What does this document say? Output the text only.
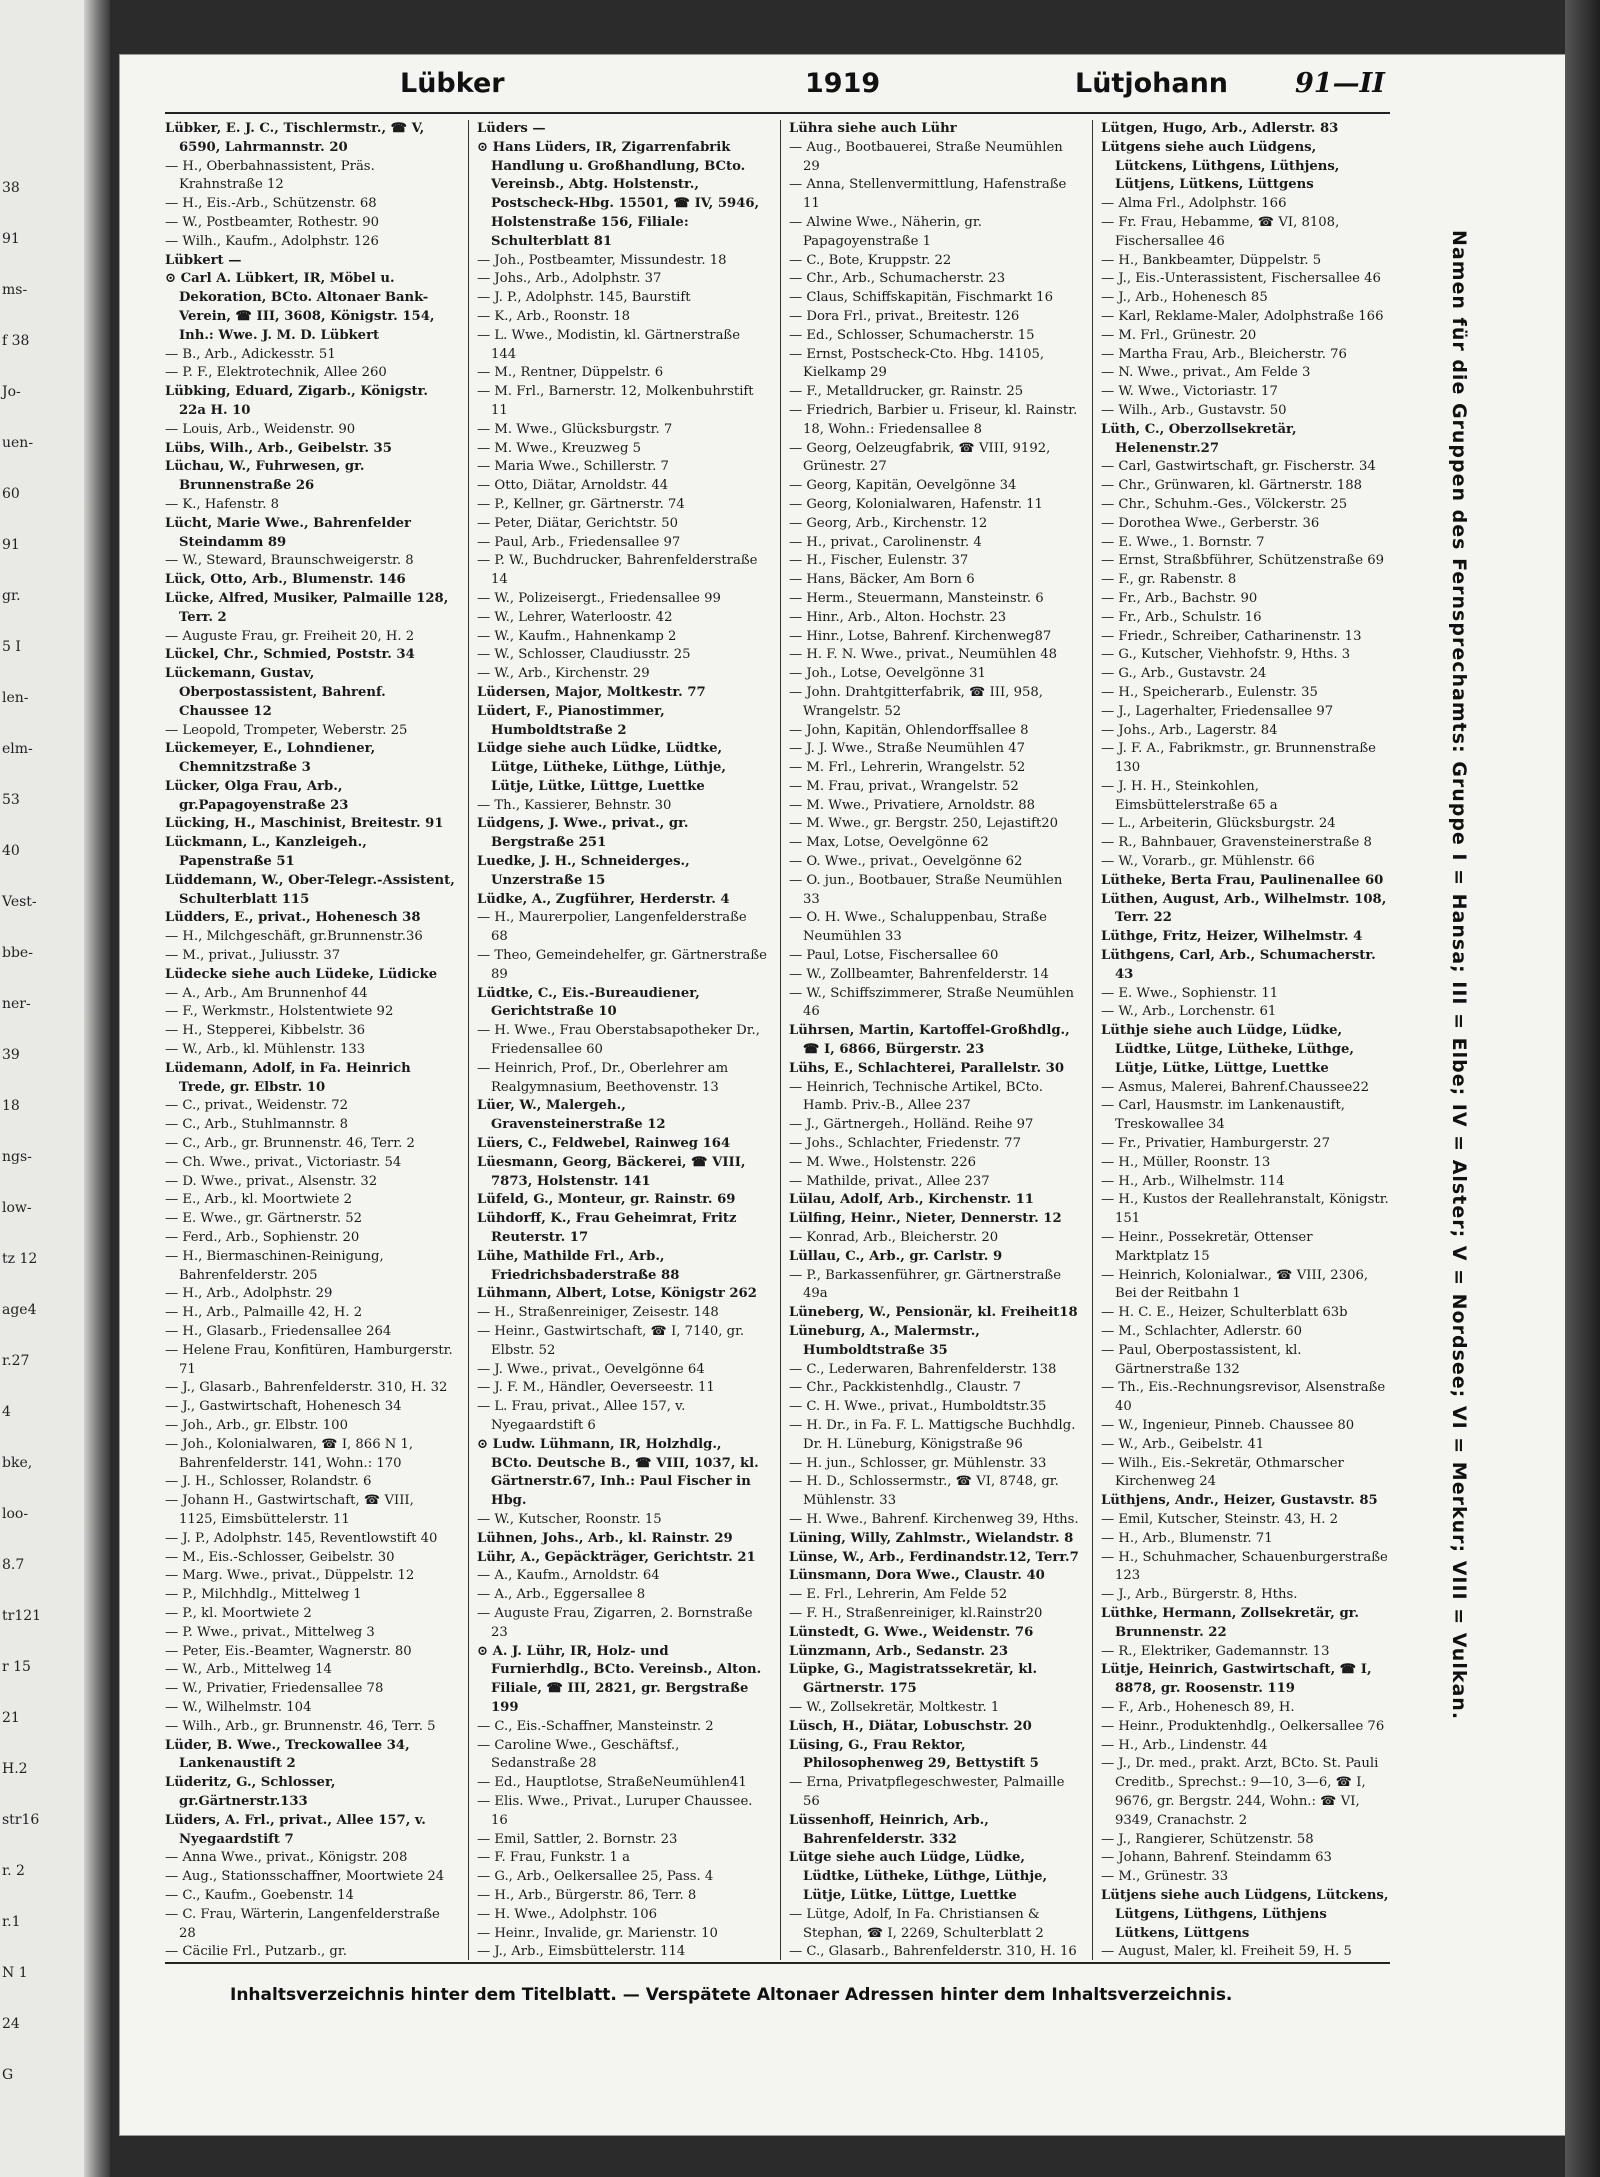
38
91
ms-
f 38
Jo-
uen-
60
91
gr.
5 I
len-
elm-
53
40
Vest-
bbe-
ner-
39
18
ngs-
low-
tz 12
age4
r.27
4
bke,
loo-
8.7
tr121
r 15
21
H.2
str16
r. 2
r.1
N 1
24
G
Lübker	1919	Lütjohann 91—II

Lübker, E. J. C., Tischlermstr., ☎ V, 6590, Lahrmannstr. 20

— H., Oberbahnassistent, Präs. Krahnstraße 12

— H., Eis.-Arb., Schützenstr. 68

— W., Postbeamter, Rothestr. 90

— Wilh., Kaufm., Adolphstr. 126

Lübkert —

⊙ Carl A. Lübkert, IR, Möbel u. Dekoration, BCto. Altonaer Bank-Verein, ☎ III, 3608, Königstr. 154, Inh.: Wwe. J. M. D. Lübkert

— B., Arb., Adickesstr. 51

— P. F., Elektrotechnik, Allee 260

Lübking, Eduard, Zigarb., Königstr. 22a H. 10

— Louis, Arb., Weidenstr. 90

Lübs, Wilh., Arb., Geibelstr. 35

Lüchau, W., Fuhrwesen, gr. Brunnenstraße 26

— K., Hafenstr. 8

Lücht, Marie Wwe., Bahrenfelder Steindamm 89

— W., Steward, Braunschweigerstr. 8

Lück, Otto, Arb., Blumenstr. 146

Lücke, Alfred, Musiker, Palmaille 128, Terr. 2

— Auguste Frau, gr. Freiheit 20, H. 2

Lückel, Chr., Schmied, Poststr. 34

Lückemann, Gustav, Oberpostassistent, Bahrenf. Chaussee 12

— Leopold, Trompeter, Weberstr. 25

Lückemeyer, E., Lohndiener, Chemnitzstraße 3

Lücker, Olga Frau, Arb., gr.Papagoyenstraße 23

Lücking, H., Maschinist, Breitestr. 91

Lückmann, L., Kanzleigeh., Papenstraße 51

Lüddemann, W., Ober-Telegr.-Assistent, Schulterblatt 115

Lüdders, E., privat., Hohenesch 38

— H., Milchgeschäft, gr.Brunnenstr.36

— M., privat., Juliusstr. 37

Lüdecke siehe auch Lüdeke, Lüdicke

— A., Arb., Am Brunnenhof 44

— F., Werkmstr., Holstentwiete 92

— H., Stepperei, Kibbelstr. 36

— W., Arb., kl. Mühlenstr. 133

Lüdemann, Adolf, in Fa. Heinrich Trede, gr. Elbstr. 10

— C., privat., Weidenstr. 72

— C., Arb., Stuhlmannstr. 8

— C., Arb., gr. Brunnenstr. 46, Terr. 2

— Ch. Wwe., privat., Victoriastr. 54

— D. Wwe., privat., Alsenstr. 32

— E., Arb., kl. Moortwiete 2

— E. Wwe., gr. Gärtnerstr. 52

— Ferd., Arb., Sophienstr. 20

— H., Biermaschinen-Reinigung, Bahrenfelderstr. 205

— H., Arb., Adolphstr. 29

— H., Arb., Palmaille 42, H. 2

— H., Glasarb., Friedensallee 264

— Helene Frau, Konfitüren, Hamburgerstr. 71

— J., Glasarb., Bahrenfelderstr. 310, H. 32

— J., Gastwirtschaft, Hohenesch 34

— Joh., Arb., gr. Elbstr. 100

— Joh., Kolonialwaren, ☎ I, 866 N 1, Bahrenfelderstr. 141, Wohn.: 170

— J. H., Schlosser, Rolandstr. 6

— Johann H., Gastwirtschaft, ☎ VIII, 1125, Eimsbüttelerstr. 11

— J. P., Adolphstr. 145, Reventlowstift 40

— M., Eis.-Schlosser, Geibelstr. 30

— Marg. Wwe., privat., Düppelstr. 12

— P., Milchhdlg., Mittelweg 1

— P., kl. Moortwiete 2

— P. Wwe., privat., Mittelweg 3

— Peter, Eis.-Beamter, Wagnerstr. 80

— W., Arb., Mittelweg 14

— W., Privatier, Friedensallee 78

— W., Wilhelmstr. 104

— Wilh., Arb., gr. Brunnenstr. 46, Terr. 5

Lüder, B. Wwe., Treckowallee 34, Lankenaustift 2

Lüderitz, G., Schlosser, gr.Gärtnerstr.133

Lüders, A. Frl., privat., Allee 157, v. Nyegaardstift 7

— Anna Wwe., privat., Königstr. 208

— Aug., Stationsschaffner, Moortwiete 24

— C., Kaufm., Goebenstr. 14

— C. Frau, Wärterin, Langenfelderstraße 28

— Cäcilie Frl., Putzarb., gr.

Lüders —

⊙ Hans Lüders, IR, Zigarrenfabrik Handlung u. Großhandlung, BCto. Vereinsb., Abtg. Holstenstr., Postscheck-Hbg. 15501, ☎ IV, 5946, Holstenstraße 156, Filiale: Schulterblatt 81

— Joh., Postbeamter, Missundestr. 18

— Johs., Arb., Adolphstr. 37

— J. P., Adolphstr. 145, Baurstift

— K., Arb., Roonstr. 18

— L. Wwe., Modistin, kl. Gärtnerstraße 144

— M., Rentner, Düppelstr. 6

— M. Frl., Barnerstr. 12, Molkenbuhrstift 11

— M. Wwe., Glücksburgstr. 7

— M. Wwe., Kreuzweg 5

— Maria Wwe., Schillerstr. 7

— Otto, Diätar, Arnoldstr. 44

— P., Kellner, gr. Gärtnerstr. 74

— Peter, Diätar, Gerichtstr. 50

— Paul, Arb., Friedensallee 97

— P. W., Buchdrucker, Bahrenfelderstraße 14

— W., Polizeisergt., Friedensallee 99

— W., Lehrer, Waterloostr. 42

— W., Kaufm., Hahnenkamp 2

— W., Schlosser, Claudiusstr. 25

— W., Arb., Kirchenstr. 29

Lüdersen, Major, Moltkestr. 77

Lüdert, F., Pianostimmer, Humboldtstraße 2

Lüdge siehe auch Lüdke, Lüdtke, Lütge, Lütheke, Lüthge, Lüthje, Lütje, Lütke, Lüttge, Luettke

— Th., Kassierer, Behnstr. 30

Lüdgens, J. Wwe., privat., gr. Bergstraße 251

Luedke, J. H., Schneiderges., Unzerstraße 15

Lüdke, A., Zugführer, Herderstr. 4

— H., Maurerpolier, Langenfelderstraße 68

— Theo, Gemeindehelfer, gr. Gärtnerstraße 89

Lüdtke, C., Eis.-Bureaudiener, Gerichtstraße 10

— H. Wwe., Frau Oberstabsapotheker Dr., Friedensallee 60

— Heinrich, Prof., Dr., Oberlehrer am Realgymnasium, Beethovenstr. 13

Lüer, W., Malergeh., Gravensteinerstraße 12

Lüers, C., Feldwebel, Rainweg 164

Lüesmann, Georg, Bäckerei, ☎ VIII, 7873, Holstenstr. 141

Lüfeld, G., Monteur, gr. Rainstr. 69

Lühdorff, K., Frau Geheimrat, Fritz Reuterstr. 17

Lühe, Mathilde Frl., Arb., Friedrichsbaderstraße 88

Lühmann, Albert, Lotse, Königstr 262

— H., Straßenreiniger, Zeisestr. 148

— Heinr., Gastwirtschaft, ☎ I, 7140, gr. Elbstr. 52

— J. Wwe., privat., Oevelgönne 64

— J. F. M., Händler, Oeverseestr. 11

— L. Frau, privat., Allee 157, v. Nyegaardstift 6

⊙ Ludw. Lühmann, IR, Holzhdlg., BCto. Deutsche B., ☎ VIII, 1037, kl. Gärtnerstr.67, Inh.: Paul Fischer in Hbg.

— W., Kutscher, Roonstr. 15

Lühnen, Johs., Arb., kl. Rainstr. 29

Lühr, A., Gepäckträger, Gerichtstr. 21

— A., Kaufm., Arnoldstr. 64

— A., Arb., Eggersallee 8

— Auguste Frau, Zigarren, 2. Bornstraße 23

⊙ A. J. Lühr, IR, Holz- und Furnierhdlg., BCto. Vereinsb., Alton. Filiale, ☎ III, 2821, gr. Bergstraße 199

— C., Eis.-Schaffner, Mansteinstr. 2

— Caroline Wwe., Geschäftsf., Sedanstraße 28

— Ed., Hauptlotse, StraßeNeumühlen41

— Elis. Wwe., Privat., Luruper Chaussee. 16

— Emil, Sattler, 2. Bornstr. 23

— F. Frau, Funkstr. 1 a

— G., Arb., Oelkersallee 25, Pass. 4

— H., Arb., Bürgerstr. 86, Terr. 8

— H. Wwe., Adolphstr. 106

— Heinr., Invalide, gr. Marienstr. 10

— J., Arb., Eimsbüttelerstr. 114

Lühra siehe auch Lühr

— Aug., Bootbauerei, Straße Neumühlen 29

— Anna, Stellenvermittlung, Hafenstraße 11

— Alwine Wwe., Näherin, gr. Papagoyenstraße 1

— C., Bote, Kruppstr. 22

— Chr., Arb., Schumacherstr. 23

— Claus, Schiffskapitän, Fischmarkt 16

— Dora Frl., privat., Breitestr. 126

— Ed., Schlosser, Schumacherstr. 15

— Ernst, Postscheck-Cto. Hbg. 14105, Kielkamp 29

— F., Metalldrucker, gr. Rainstr. 25

— Friedrich, Barbier u. Friseur, kl. Rainstr. 18, Wohn.: Friedensallee 8

— Georg, Oelzeugfabrik, ☎ VIII, 9192, Grünestr. 27

— Georg, Kapitän, Oevelgönne 34

— Georg, Kolonialwaren, Hafenstr. 11

— Georg, Arb., Kirchenstr. 12

— H., privat., Carolinenstr. 4

— H., Fischer, Eulenstr. 37

— Hans, Bäcker, Am Born 6

— Herm., Steuermann, Mansteinstr. 6

— Hinr., Arb., Alton. Hochstr. 23

— Hinr., Lotse, Bahrenf. Kirchenweg87

— H. F. N. Wwe., privat., Neumühlen 48

— Joh., Lotse, Oevelgönne 31

— John. Drahtgitterfabrik, ☎ III, 958, Wrangelstr. 52

— John, Kapitän, Ohlendorffsallee 8

— J. J. Wwe., Straße Neumühlen 47

— M. Frl., Lehrerin, Wrangelstr. 52

— M. Frau, privat., Wrangelstr. 52

— M. Wwe., Privatiere, Arnoldstr. 88

— M. Wwe., gr. Bergstr. 250, Lejastift20

— Max, Lotse, Oevelgönne 62

— O. Wwe., privat., Oevelgönne 62

— O. jun., Bootbauer, Straße Neumühlen 33

— O. H. Wwe., Schaluppenbau, Straße Neumühlen 33

— Paul, Lotse, Fischersallee 60

— W., Zollbeamter, Bahrenfelderstr. 14

— W., Schiffszimmerer, Straße Neumühlen 46

Lührsen, Martin, Kartoffel-Großhdlg., ☎ I, 6866, Bürgerstr. 23

Lühs, E., Schlachterei, Parallelstr. 30

— Heinrich, Technische Artikel, BCto. Hamb. Priv.-B., Allee 237

— J., Gärtnergeh., Holländ. Reihe 97

— Johs., Schlachter, Friedenstr. 77

— M. Wwe., Holstenstr. 226

— Mathilde, privat., Allee 237

Lülau, Adolf, Arb., Kirchenstr. 11

Lülfing, Heinr., Nieter, Dennerstr. 12

— Konrad, Arb., Bleicherstr. 20

Lüllau, C., Arb., gr. Carlstr. 9

— P., Barkassenführer, gr. Gärtnerstraße 49a

Lüneberg, W., Pensionär, kl. Freiheit18

Lüneburg, A., Malermstr., Humboldtstraße 35

— C., Lederwaren, Bahrenfelderstr. 138

— Chr., Packkistenhdlg., Claustr. 7

— C. H. Wwe., privat., Humboldtstr.35

— H. Dr., in Fa. F. L. Mattigsche Buchhdlg. Dr. H. Lüneburg, Königstraße 96

— H. jun., Schlosser, gr. Mühlenstr. 33

— H. D., Schlossermstr., ☎ VI, 8748, gr. Mühlenstr. 33

— H. Wwe., Bahrenf. Kirchenweg 39, Hths.

Lüning, Willy, Zahlmstr., Wielandstr. 8

Lünse, W., Arb., Ferdinandstr.12, Terr.7

Lünsmann, Dora Wwe., Claustr. 40

— E. Frl., Lehrerin, Am Felde 52

— F. H., Straßenreiniger, kl.Rainstr20

Lünstedt, G. Wwe., Weidenstr. 76

Lünzmann, Arb., Sedanstr. 23

Lüpke, G., Magistratssekretär, kl. Gärtnerstr. 175

— W., Zollsekretär, Moltkestr. 1

Lüsch, H., Diätar, Lobuschstr. 20

Lüsing, G., Frau Rektor, Philosophenweg 29, Bettystift 5

— Erna, Privatpflegeschwester, Palmaille 56

Lüssenhoff, Heinrich, Arb., Bahrenfelderstr. 332

Lütge siehe auch Lüdge, Lüdke, Lüdtke, Lütheke, Lüthge, Lüthje, Lütje, Lütke, Lüttge, Luettke

— Lütge, Adolf, In Fa. Christiansen & Stephan, ☎ I, 2269, Schulterblatt 2

— C., Glasarb., Bahrenfelderstr. 310, H. 16

Lütgen, Hugo, Arb., Adlerstr. 83

Lütgens siehe auch Lüdgens, Lütckens, Lüthgens, Lüthjens, Lütjens, Lütkens, Lüttgens

— Alma Frl., Adolphstr. 166

— Fr. Frau, Hebamme, ☎ VI, 8108, Fischersallee 46

— H., Bankbeamter, Düppelstr. 5

— J., Eis.-Unterassistent, Fischersallee 46

— J., Arb., Hohenesch 85

— Karl, Reklame-Maler, Adolphstraße 166

— M. Frl., Grünestr. 20

— Martha Frau, Arb., Bleicherstr. 76

— N. Wwe., privat., Am Felde 3

— W. Wwe., Victoriastr. 17

— Wilh., Arb., Gustavstr. 50

Lüth, C., Oberzollsekretär, Helenenstr.27

— Carl, Gastwirtschaft, gr. Fischerstr. 34

— Chr., Grünwaren, kl. Gärtnerstr. 188

— Chr., Schuhm.-Ges., Völckerstr. 25

— Dorothea Wwe., Gerberstr. 36

— E. Wwe., 1. Bornstr. 7

— Ernst, Straßbführer, Schützenstraße 69

— F., gr. Rabenstr. 8

— Fr., Arb., Bachstr. 90

— Fr., Arb., Schulstr. 16

— Friedr., Schreiber, Catharinenstr. 13

— G., Kutscher, Viehhofstr. 9, Hths. 3

— G., Arb., Gustavstr. 24

— H., Speicherarb., Eulenstr. 35

— J., Lagerhalter, Friedensallee 97

— Johs., Arb., Lagerstr. 84

— J. F. A., Fabrikmstr., gr. Brunnenstraße 130

— J. H. H., Steinkohlen, Eimsbüttelerstraße 65 a

— L., Arbeiterin, Glücksburgstr. 24

— R., Bahnbauer, Gravensteinerstraße 8

— W., Vorarb., gr. Mühlenstr. 66

Lütheke, Berta Frau, Paulinenallee 60

Lüthen, August, Arb., Wilhelmstr. 108, Terr. 22

Lüthge, Fritz, Heizer, Wilhelmstr. 4

Lüthgens, Carl, Arb., Schumacherstr. 43

— E. Wwe., Sophienstr. 11

— W., Arb., Lorchenstr. 61

Lüthje siehe auch Lüdge, Lüdke, Lüdtke, Lütge, Lütheke, Lüthge, Lütje, Lütke, Lüttge, Luettke

— Asmus, Malerei, Bahrenf.Chaussee22

— Carl, Hausmstr. im Lankenaustift, Treskowallee 34

— Fr., Privatier, Hamburgerstr. 27

— H., Müller, Roonstr. 13

— H., Arb., Wilhelmstr. 114

— H., Kustos der Reallehranstalt, Königstr. 151

— Heinr., Possekretär, Ottenser Marktplatz 15

— Heinrich, Kolonialwar., ☎ VIII, 2306, Bei der Reitbahn 1

— H. C. E., Heizer, Schulterblatt 63b

— M., Schlachter, Adlerstr. 60

— Paul, Oberpostassistent, kl. Gärtnerstraße 132

— Th., Eis.-Rechnungsrevisor, Alsenstraße 40

— W., Ingenieur, Pinneb. Chaussee 80

— W., Arb., Geibelstr. 41

— Wilh., Eis.-Sekretär, Othmarscher Kirchenweg 24

Lüthjens, Andr., Heizer, Gustavstr. 85

— Emil, Kutscher, Steinstr. 43, H. 2

— H., Arb., Blumenstr. 71

— H., Schuhmacher, Schauenburgerstraße 123

— J., Arb., Bürgerstr. 8, Hths.

Lüthke, Hermann, Zollsekretär, gr. Brunnenstr. 22

— R., Elektriker, Gademannstr. 13

Lütje, Heinrich, Gastwirtschaft, ☎ I, 8878, gr. Roosenstr. 119

— F., Arb., Hohenesch 89, H.

— Heinr., Produktenhdlg., Oelkersallee 76

— H., Arb., Lindenstr. 44

— J., Dr. med., prakt. Arzt, BCto. St. Pauli Creditb., Sprechst.: 9—10, 3—6, ☎ I, 9676, gr. Bergstr. 244, Wohn.: ☎ VI, 9349, Cranachstr. 2

— J., Rangierer, Schützenstr. 58

— Johann, Bahrenf. Steindamm 63

— M., Grünestr. 33

Lütjens siehe auch Lüdgens, Lütckens, Lütgens, Lüthgens, Lüthjens Lütkens, Lüttgens

— August, Maler, kl. Freiheit 59, H. 5

Namen für die Gruppen des Fernsprechamts: Gruppe I = Hansa; III = Elbe; IV = Alster; V = Nordsee; VI = Merkur; VIII = Vulkan.
Inhaltsverzeichnis hinter dem Titelblatt. — Verspätete Altonaer Adressen hinter dem Inhaltsverzeichnis.
